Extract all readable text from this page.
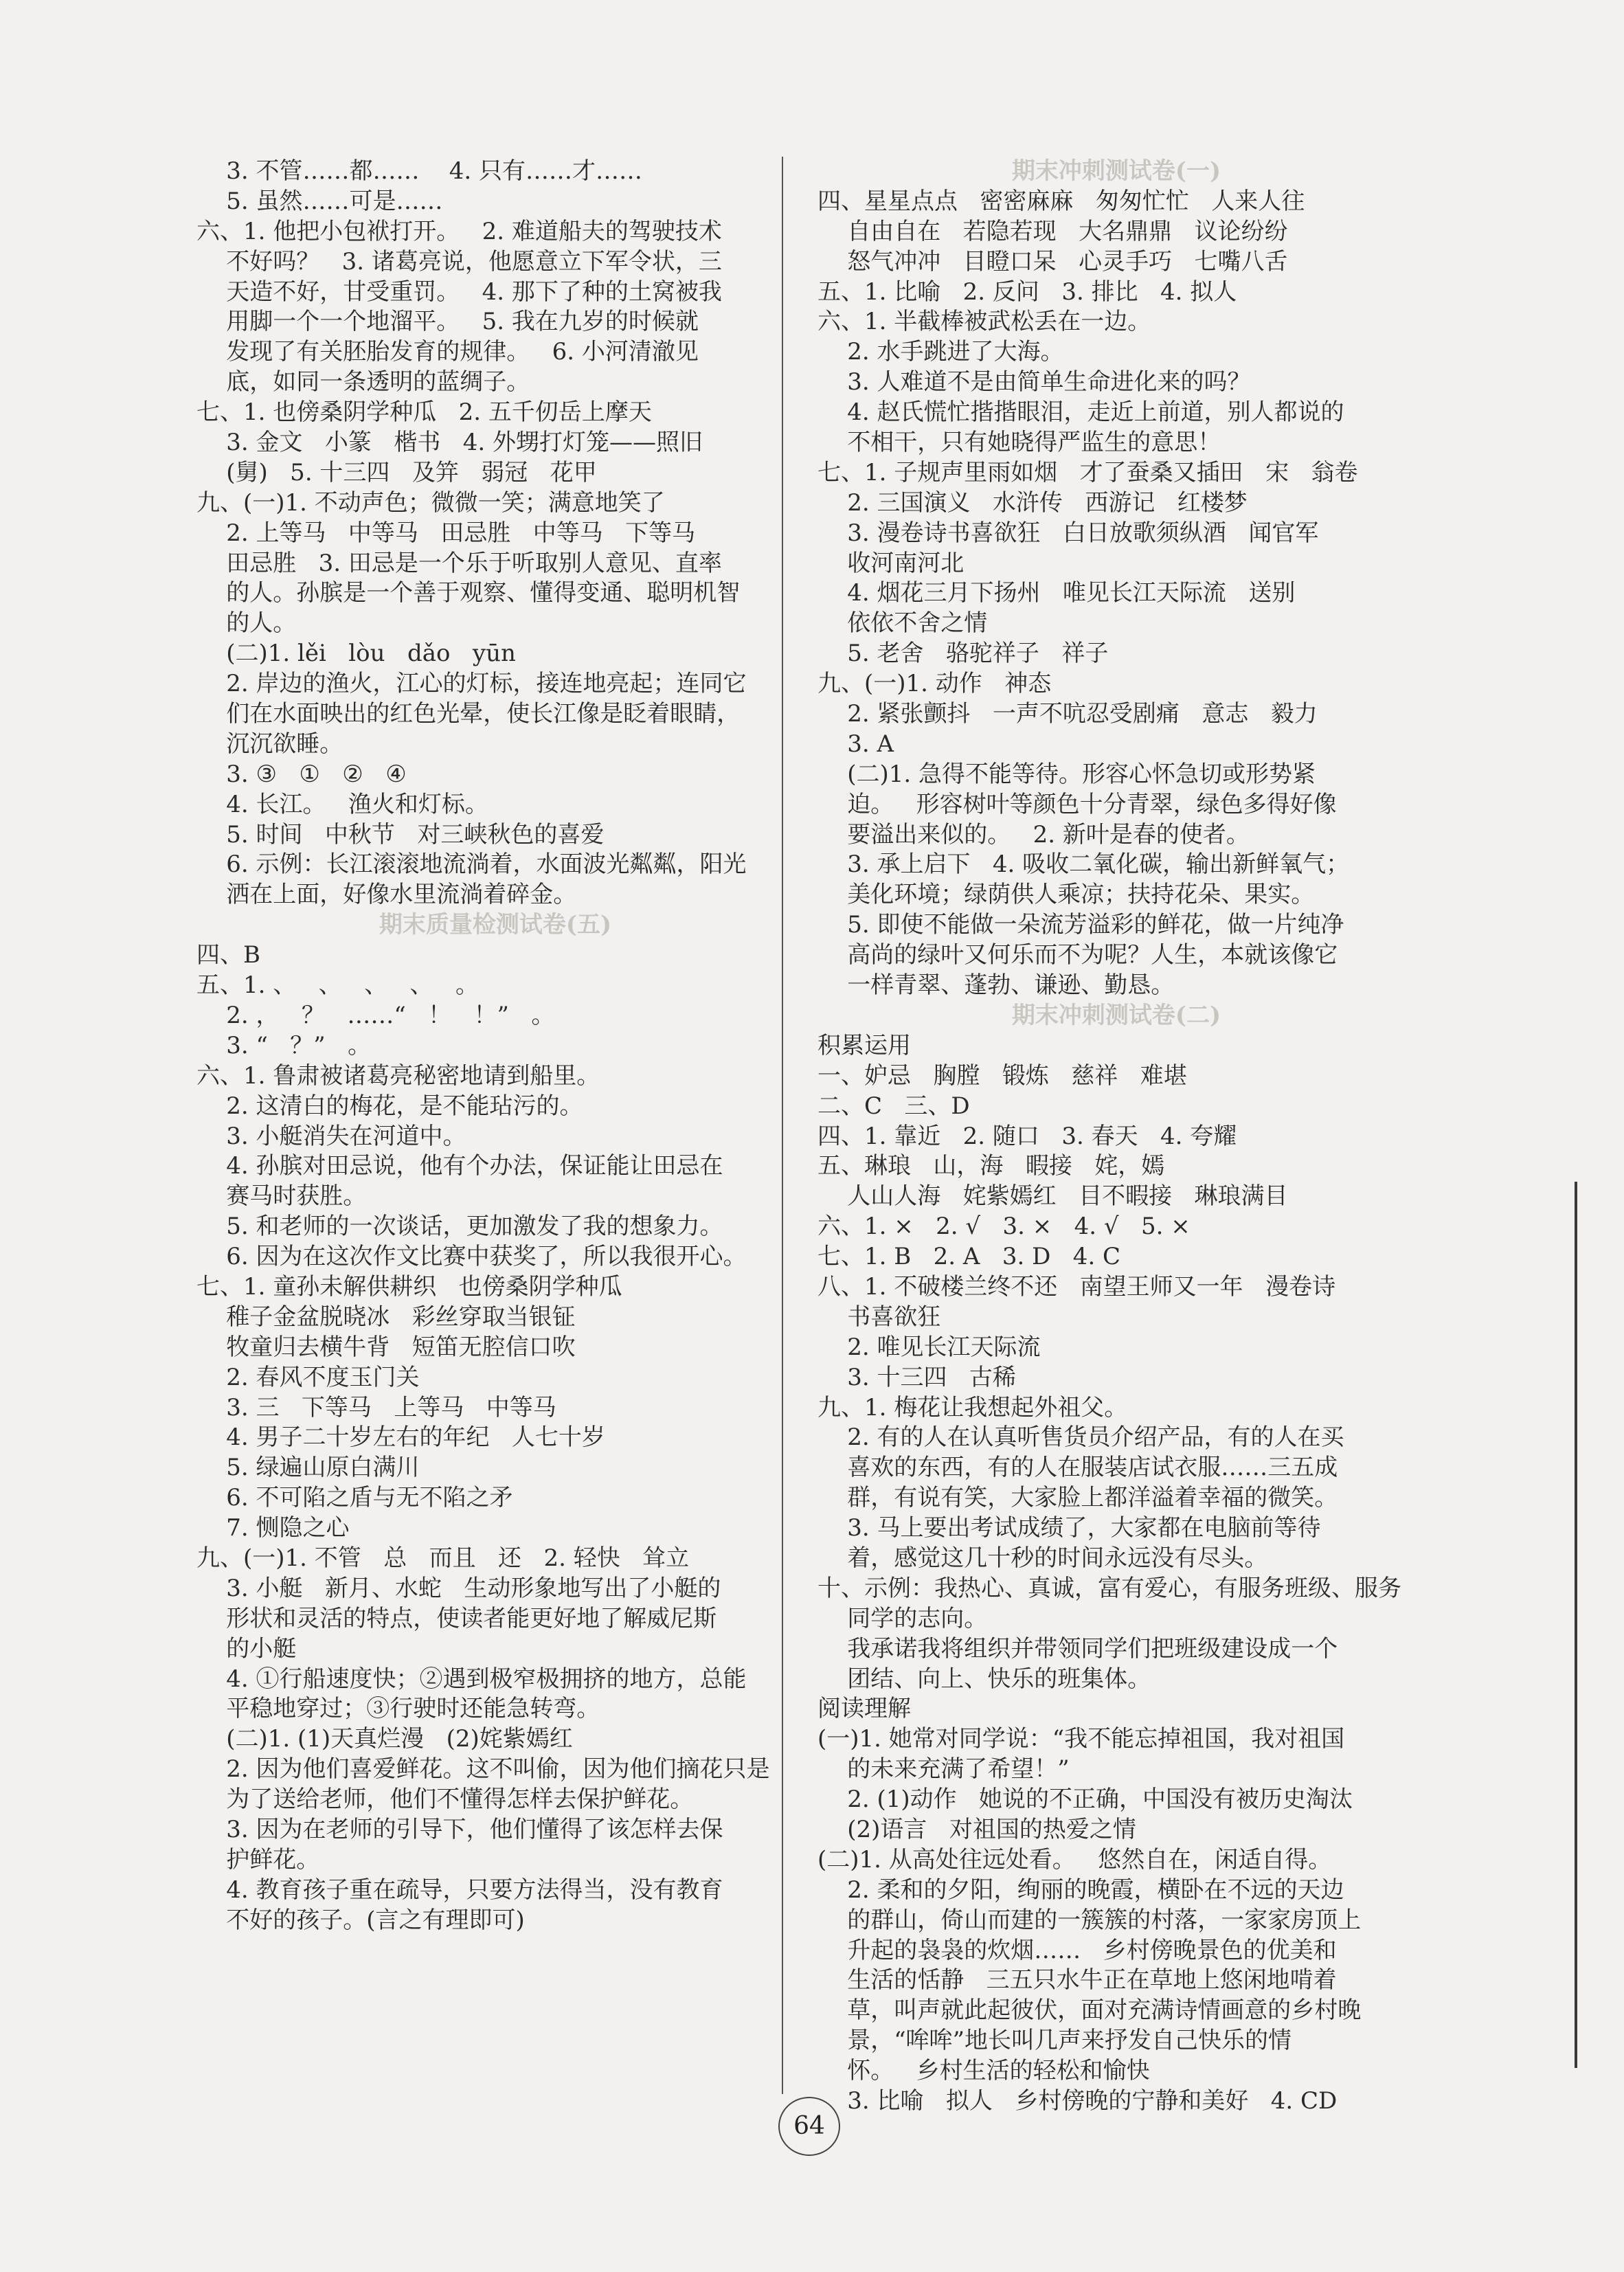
3. 不管……都……    4. 只有……才……
5. 虽然……可是……
六、1. 他把小包袱打开。   2. 难道船夫的驾驶技术
不好吗？   3. 诸葛亮说，他愿意立下军令状，三
天造不好，甘受重罚。   4. 那下了种的土窝被我
用脚一个一个地溜平。   5. 我在九岁的时候就
发现了有关胚胎发育的规律。   6. 小河清澈见
底，如同一条透明的蓝绸子。
七、1. 也傍桑阴学种瓜   2. 五千仞岳上摩天
3. 金文   小篆   楷书   4. 外甥打灯笼——照旧
(舅)   5. 十三四   及笄   弱冠   花甲
九、(一)1. 不动声色；微微一笑；满意地笑了
2. 上等马   中等马   田忌胜   中等马   下等马
田忌胜   3. 田忌是一个乐于听取别人意见、直率
的人。孙膑是一个善于观察、懂得变通、聪明机智
的人。
(二)1. lěi   lòu   dǎo   yūn
2. 岸边的渔火，江心的灯标，接连地亮起；连同它
们在水面映出的红色光晕，使长江像是眨着眼睛，
沉沉欲睡。
3. ③   ①   ②   ④
4. 长江。   渔火和灯标。
5. 时间   中秋节   对三峡秋色的喜爱
6. 示例：长江滚滚地流淌着，水面波光粼粼，阳光
洒在上面，好像水里流淌着碎金。
期末质量检测试卷(五)
四、B
五、1. 、   、   、   、   。
2. ，   ？   ……“   ！   ！”   。
3. “   ？”   。
六、1. 鲁肃被诸葛亮秘密地请到船里。
2. 这清白的梅花，是不能玷污的。
3. 小艇消失在河道中。
4. 孙膑对田忌说，他有个办法，保证能让田忌在
赛马时获胜。
5. 和老师的一次谈话，更加激发了我的想象力。
6. 因为在这次作文比赛中获奖了，所以我很开心。
七、1. 童孙未解供耕织   也傍桑阴学种瓜
稚子金盆脱晓冰   彩丝穿取当银钲
牧童归去横牛背   短笛无腔信口吹
2. 春风不度玉门关
3. 三   下等马   上等马   中等马
4. 男子二十岁左右的年纪   人七十岁
5. 绿遍山原白满川
6. 不可陷之盾与无不陷之矛
7. 恻隐之心
九、(一)1. 不管   总   而且   还   2. 轻快   耸立
3. 小艇   新月、水蛇   生动形象地写出了小艇的
形状和灵活的特点，使读者能更好地了解威尼斯
的小艇
4. ①行船速度快；②遇到极窄极拥挤的地方，总能
平稳地穿过；③行驶时还能急转弯。
(二)1. (1)天真烂漫   (2)姹紫嫣红
2. 因为他们喜爱鲜花。这不叫偷，因为他们摘花只是
为了送给老师，他们不懂得怎样去保护鲜花。
3. 因为在老师的引导下，他们懂得了该怎样去保
护鲜花。
4. 教育孩子重在疏导，只要方法得当，没有教育
不好的孩子。(言之有理即可)
期末冲刺测试卷(一)
四、星星点点   密密麻麻   匆匆忙忙   人来人往
自由自在   若隐若现   大名鼎鼎   议论纷纷
怒气冲冲   目瞪口呆   心灵手巧   七嘴八舌
五、1. 比喻   2. 反问   3. 排比   4. 拟人
六、1. 半截棒被武松丢在一边。
2. 水手跳进了大海。
3. 人难道不是由简单生命进化来的吗？
4. 赵氏慌忙揩揩眼泪，走近上前道，别人都说的
不相干，只有她晓得严监生的意思！
七、1. 子规声里雨如烟   才了蚕桑又插田   宋   翁卷
2. 三国演义   水浒传   西游记   红楼梦
3. 漫卷诗书喜欲狂   白日放歌须纵酒   闻官军
收河南河北
4. 烟花三月下扬州   唯见长江天际流   送别
依依不舍之情
5. 老舍   骆驼祥子   祥子
九、(一)1. 动作   神态
2. 紧张颤抖   一声不吭忍受剧痛   意志   毅力
3. A
(二)1. 急得不能等待。形容心怀急切或形势紧
迫。   形容树叶等颜色十分青翠，绿色多得好像
要溢出来似的。   2. 新叶是春的使者。
3. 承上启下   4. 吸收二氧化碳，输出新鲜氧气；
美化环境；绿荫供人乘凉；扶持花朵、果实。
5. 即使不能做一朵流芳溢彩的鲜花，做一片纯净
高尚的绿叶又何乐而不为呢？人生，本就该像它
一样青翠、蓬勃、谦逊、勤恳。
期末冲刺测试卷(二)
积累运用
一、妒忌   胸膛   锻炼   慈祥   难堪
二、C   三、D
四、1. 靠近   2. 随口   3. 春天   4. 夸耀
五、琳琅   山，海   暇接   姹，嫣
人山人海   姹紫嫣红   目不暇接   琳琅满目
六、1. ×   2. √   3. ×   4. √   5. ×
七、1. B   2. A   3. D   4. C
八、1. 不破楼兰终不还   南望王师又一年   漫卷诗
书喜欲狂
2. 唯见长江天际流
3. 十三四   古稀
九、1. 梅花让我想起外祖父。
2. 有的人在认真听售货员介绍产品，有的人在买
喜欢的东西，有的人在服装店试衣服……三五成
群，有说有笑，大家脸上都洋溢着幸福的微笑。
3. 马上要出考试成绩了，大家都在电脑前等待
着，感觉这几十秒的时间永远没有尽头。
十、示例：我热心、真诚，富有爱心，有服务班级、服务
同学的志向。
我承诺我将组织并带领同学们把班级建设成一个
团结、向上、快乐的班集体。
阅读理解
(一)1. 她常对同学说：“我不能忘掉祖国，我对祖国
的未来充满了希望！”
2. (1)动作   她说的不正确，中国没有被历史淘汰
(2)语言   对祖国的热爱之情
(二)1. 从高处往远处看。   悠然自在，闲适自得。
2. 柔和的夕阳，绚丽的晚霞，横卧在不远的天边
的群山，倚山而建的一簇簇的村落，一家家房顶上
升起的袅袅的炊烟……   乡村傍晚景色的优美和
生活的恬静   三五只水牛正在草地上悠闲地啃着
草，叫声就此起彼伏，面对充满诗情画意的乡村晚
景，“哞哞”地长叫几声来抒发自己快乐的情
怀。   乡村生活的轻松和愉快
3. 比喻   拟人   乡村傍晚的宁静和美好   4. CD
64
